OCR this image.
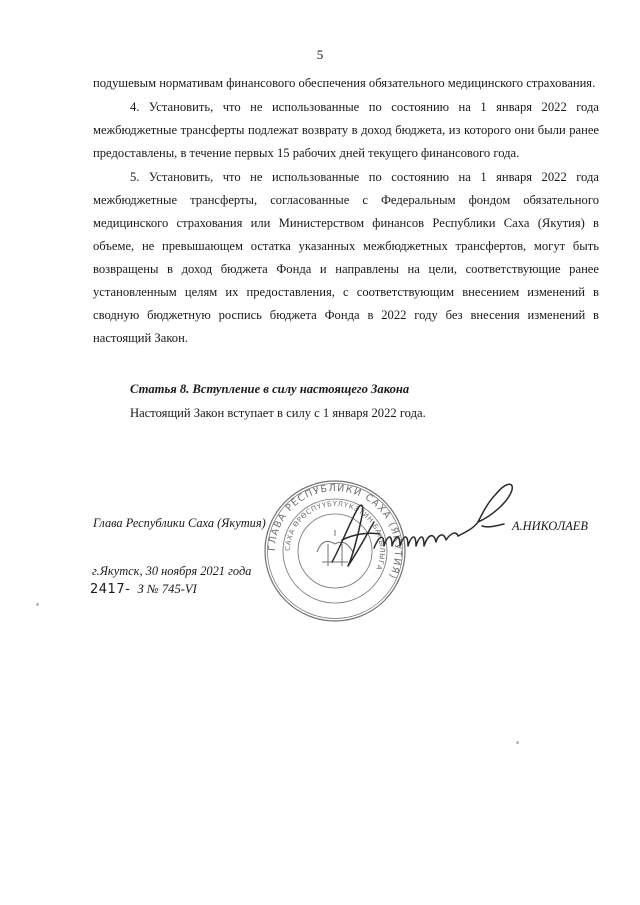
5

подушевым нормативам финансового обеспечения обязательного медицинского страхования.

4. Установить, что не использованные по состоянию на 1 января 2022 года межбюджетные трансферты подлежат возврату в доход бюджета, из которого они были ранее предоставлены, в течение первых 15 рабочих дней текущего финансового года.

5. Установить, что не использованные по состоянию на 1 января 2022 года межбюджетные трансферты, согласованные с Федеральным фондом обязательного медицинского страхования или Министерством финансов Республики Саха (Якутия) в объеме, не превышающем остатка указанных межбюджетных трансфертов, могут быть возвращены в доход бюджета Фонда и направлены на цели, соответствующие ранее установленным целям их предоставления, с соответствующим внесением изменений в сводную бюджетную роспись бюджета Фонда в 2022 году без внесения изменений в настоящий Закон.

Статья 8. Вступление в силу настоящего Закона
Настоящий Закон вступает в силу с 1 января 2022 года.
ГЛАВА РЕСПУБЛИКИ САХА (ЯКУТИЯ)
САХА ӨРӨСПҮҮБҮЛҮКЭТИН БАҺЫЛЫГА
Глава Республики Саха (Якутия)	А.НИКОЛАЕВ
г.Якутск, 30 ноября 2021 года
2417- З № 745-VI
